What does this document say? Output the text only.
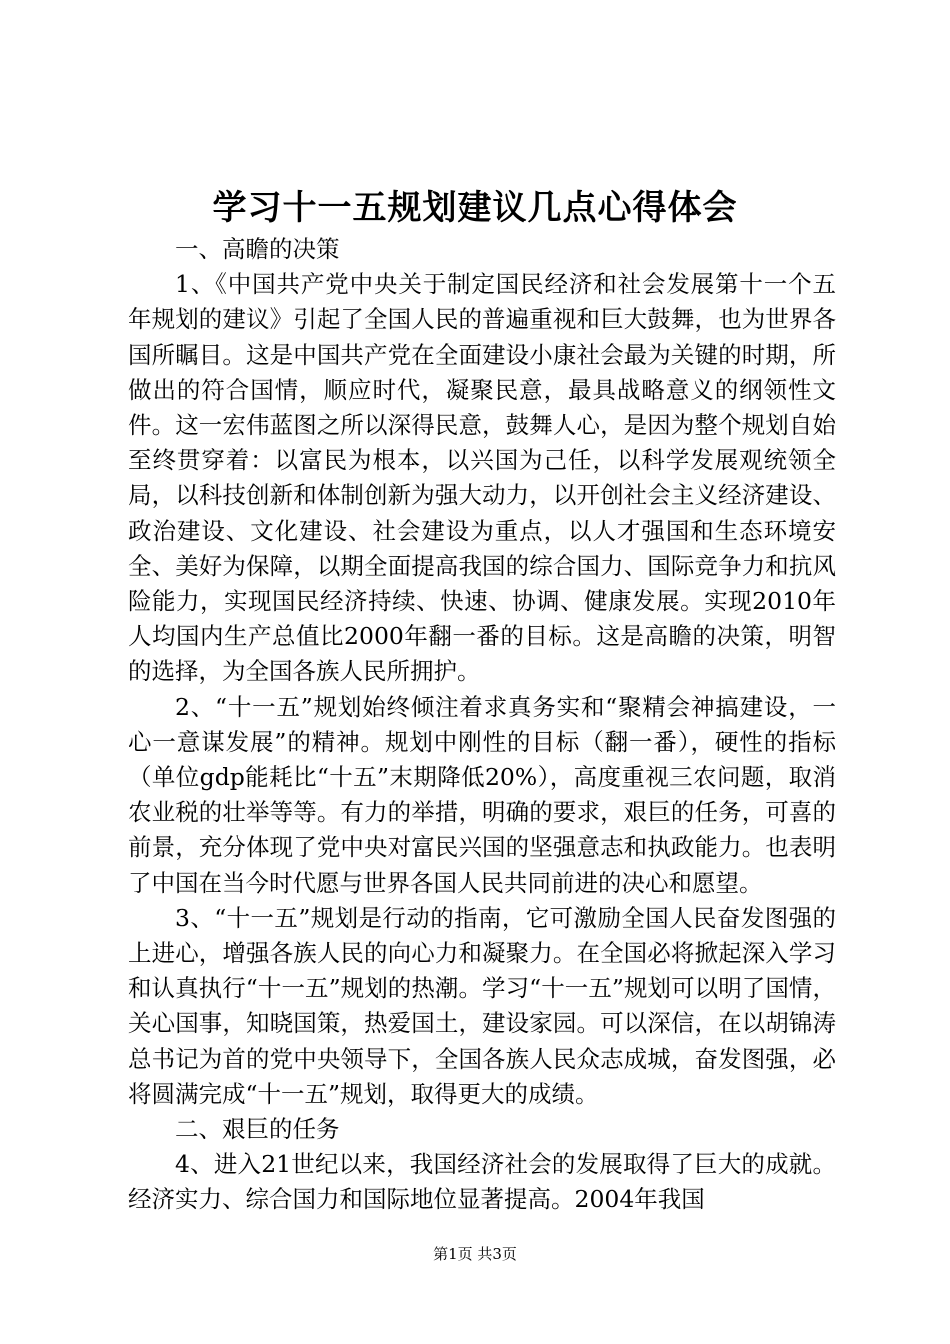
学习十一五规划建议几点心得体会

一、高瞻的决策

1、《中国共产党中央关于制定国民经济和社会发展第十一个五年规划的建议》引起了全国人民的普遍重视和巨大鼓舞，也为世界各国所瞩目。这是中国共产党在全面建设小康社会最为关键的时期，所做出的符合国情，顺应时代，凝聚民意，最具战略意义的纲领性文件。这一宏伟蓝图之所以深得民意，鼓舞人心，是因为整个规划自始至终贯穿着：以富民为根本，以兴国为己任，以科学发展观统领全局，以科技创新和体制创新为强大动力，以开创社会主义经济建设、政治建设、文化建设、社会建设为重点，以人才强国和生态环境安全、美好为保障，以期全面提高我国的综合国力、国际竞争力和抗风险能力，实现国民经济持续、快速、协调、健康发展。实现2010年人均国内生产总值比2000年翻一番的目标。这是高瞻的决策，明智的选择，为全国各族人民所拥护。

2、“十一五”规划始终倾注着求真务实和“聚精会神搞建设，一心一意谋发展”的精神。规划中刚性的目标（翻一番），硬性的指标（单位gdp能耗比“十五”末期降低20%），高度重视三农问题，取消农业税的壮举等等。有力的举措，明确的要求，艰巨的任务，可喜的前景，充分体现了党中央对富民兴国的坚强意志和执政能力。也表明了中国在当今时代愿与世界各国人民共同前进的决心和愿望。

3、“十一五”规划是行动的指南，它可激励全国人民奋发图强的上进心，增强各族人民的向心力和凝聚力。在全国必将掀起深入学习和认真执行“十一五”规划的热潮。学习“十一五”规划可以明了国情，关心国事，知晓国策，热爱国土，建设家园。可以深信，在以胡锦涛总书记为首的党中央领导下，全国各族人民众志成城，奋发图强，必将圆满完成“十一五”规划，取得更大的成绩。

二、艰巨的任务

4、进入21世纪以来，我国经济社会的发展取得了巨大的成就。经济实力、综合国力和国际地位显著提高。2004年我国

第1页 共3页
